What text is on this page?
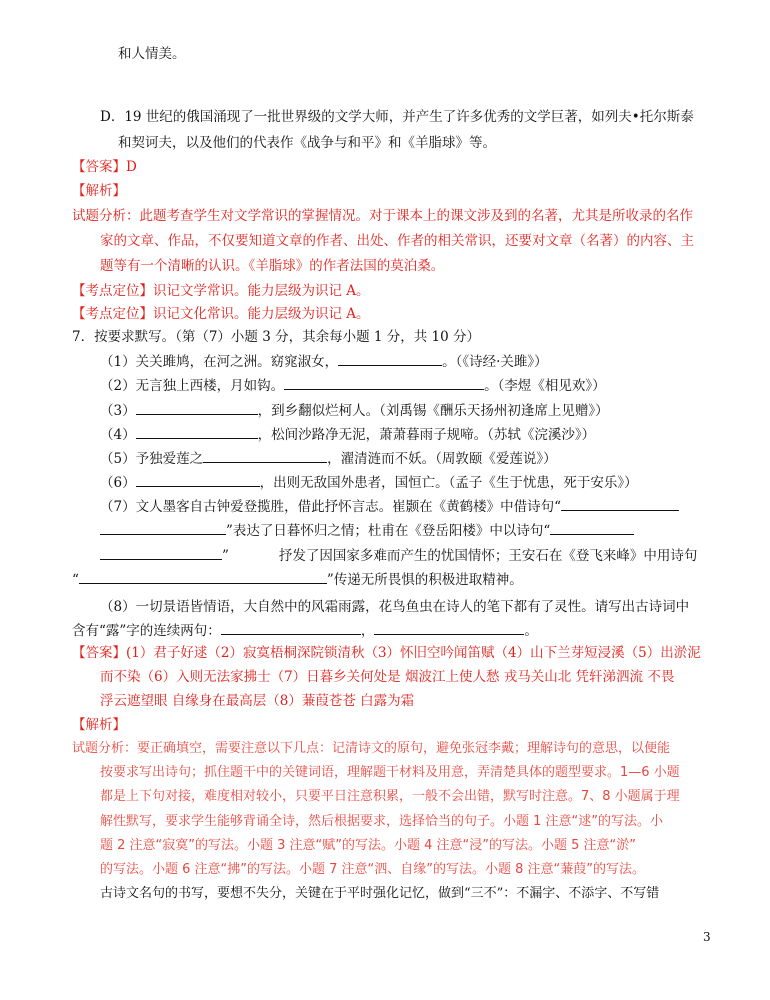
和人情美。
D．19 世纪的俄国涌现了一批世界级的文学大师，并产生了许多优秀的文学巨著，如列夫•托尔斯泰
和契诃夫，以及他们的代表作《战争与和平》和《羊脂球》等。
【答案】D
【解析】
试题分析：此题考查学生对文学常识的掌握情况。对于课本上的课文涉及到的名著，尤其是所收录的名作
家的文章、作品，不仅要知道文章的作者、出处、作者的相关常识，还要对文章（名著）的内容、主
题等有一个清晰的认识。《羊脂球》的作者法国的莫泊桑。
【考点定位】识记文学常识。能力层级为识记 A。
【考点定位】识记文化常识。能力层级为识记 A。
7．按要求默写。（第（7）小题 3 分，其余每小题 1 分，共 10 分）
（1）关关雎鸠，在河之洲。窈窕淑女，	。（《诗经·关雎》）
（2）无言独上西楼，月如钩。	。（李煜《相见欢》）
（3）	，到乡翻似烂柯人。（刘禹锡《酬乐天扬州初逢席上见赠》）
（4）	，松间沙路净无泥，萧萧暮雨子规啼。（苏轼《浣溪沙》）
（5）予独爱莲之	，濯清涟而不妖。（周敦颐《爱莲说》）
（6）	，出则无敌国外患者，国恒亡。（孟子《生于忧患，死于安乐》）
（7）文人墨客自古钟爱登揽胜，借此抒怀言志。崔颢在《黄鹤楼》中借诗句“
”表达了日暮怀归之情；杜甫在《登岳阳楼》中以诗句“
”	抒发了因国家多难而产生的忧国情怀；王安石在《登飞来峰》中用诗句
“	”传递无所畏惧的积极进取精神。
（8）一切景语皆情语，大自然中的风霜雨露，花鸟鱼虫在诗人的笔下都有了灵性。请写出古诗词中
含有“露”字的连续两句：	，	。
【答案】(1）君子好逑（2）寂寞梧桐深院锁清秋（3）怀旧空吟闻笛赋（4）山下兰芽短浸溪（5）出淤泥
而不染（6）入则无法家拂士（7）日暮乡关何处是 烟波江上使人愁 戎马关山北 凭轩涕泗流 不畏
浮云遮望眼 自缘身在最高层（8）蒹葭苍苍 白露为霜
【解析】
试题分析：要正确填空，需要注意以下几点：记清诗文的原句，避免张冠李戴；理解诗句的意思，以便能
按要求写出诗句；抓住题干中的关键词语，理解题干材料及用意，弄清楚具体的题型要求。1—6 小题
都是上下句对接，难度相对较小，只要平日注意积累，一般不会出错，默写时注意。7、8 小题属于理
解性默写，要求学生能够背诵全诗，然后根据要求，选择恰当的句子。小题 1 注意“逑”的写法。小
题 2 注意“寂寞”的写法。小题 3 注意“赋”的写法。小题 4 注意“浸”的写法。小题 5 注意“淤”
的写法。小题 6 注意“拂”的写法。小题 7 注意“泗、自缘”的写法。小题 8 注意“蒹葭”的写法。
古诗文名句的书写，要想不失分，关键在于平时强化记忆，做到“三不”：不漏字、不添字、不写错
3
